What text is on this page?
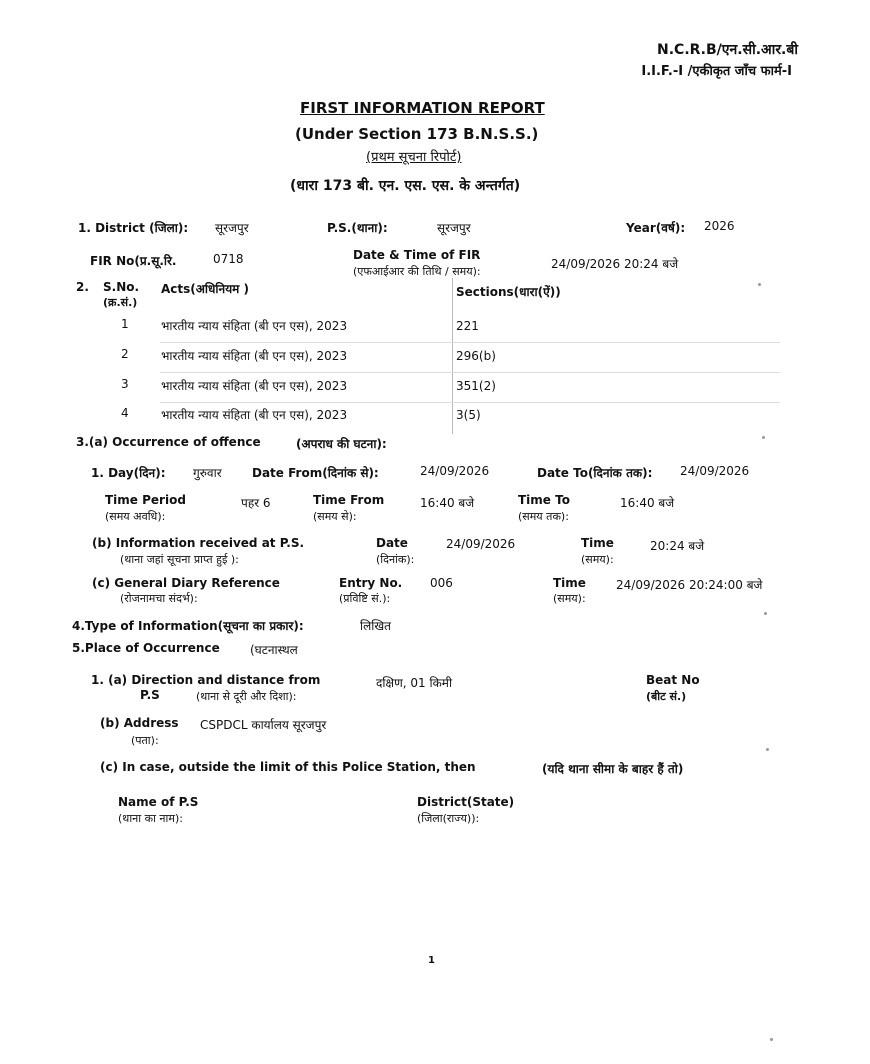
N.C.R.B/एन.सी.आर.बी
I.I.F.-I /एकीकृत जाँच फार्म-I
FIRST INFORMATION REPORT
(Under Section 173 B.N.S.S.)
(प्रथम सूचना रिपोर्ट)
(धारा 173 बी. एन. एस. एस. के अन्तर्गत)
1. District (जिला): सूरजपुर	P.S.(थाना):	सूरजपुर	Year(वर्ष): 2026
FIR No(प्र.सू.रि.	0718	Date & Time of FIR
(एफआईआर की तिथि / समय):
24/09/2026 20:24 बजे
2. S.No.
(क्र.सं.)
Acts(अधिनियम )	Sections(धारा(ऐं))
1	भारतीय न्याय संहिता (बी एन एस), 2023	221
2	भारतीय न्याय संहिता (बी एन एस), 2023	296(b)
3	भारतीय न्याय संहिता (बी एन एस), 2023	351(2)
4	भारतीय न्याय संहिता (बी एन एस), 2023	3(5)
3.(a) Occurrence of offence	(अपराध की घटना):
1. Day(दिन): गुरुवार	Date From(दिनांक से):	24/09/2026	Date To(दिनांक तक): 24/09/2026
Time Period
(समय अवधि):
पहर 6	Time From
(समय से):
16:40 बजे	Time To
(समय तक):
16:40 बजे
(b) Information received at P.S.
(थाना जहां सूचना प्राप्त हुई ):
Date
(दिनांक):
24/09/2026	Time
(समय):
20:24 बजे
(c) General Diary Reference
(रोजनामचा संदर्भ):
Entry No.
(प्रविष्टि सं.):
006	Time
(समय):
24/09/2026 20:24:00 बजे
4.Type of Information(सूचना का प्रकार):	लिखित
5.Place of Occurrence	(घटनास्थल
1. (a) Direction and distance from
P.S	(थाना से दूरी और दिशा):
दक्षिण, 01 किमी	Beat No
(बीट सं.)
(b) Address CSPDCL कार्यालय सूरजपुर
(पता):
(c) In case, outside the limit of this Police Station, then	(यदि थाना सीमा के बाहर हैं तो)
Name of P.S
(थाना का नाम):
District(State)
(जिला(राज्य)):
1
